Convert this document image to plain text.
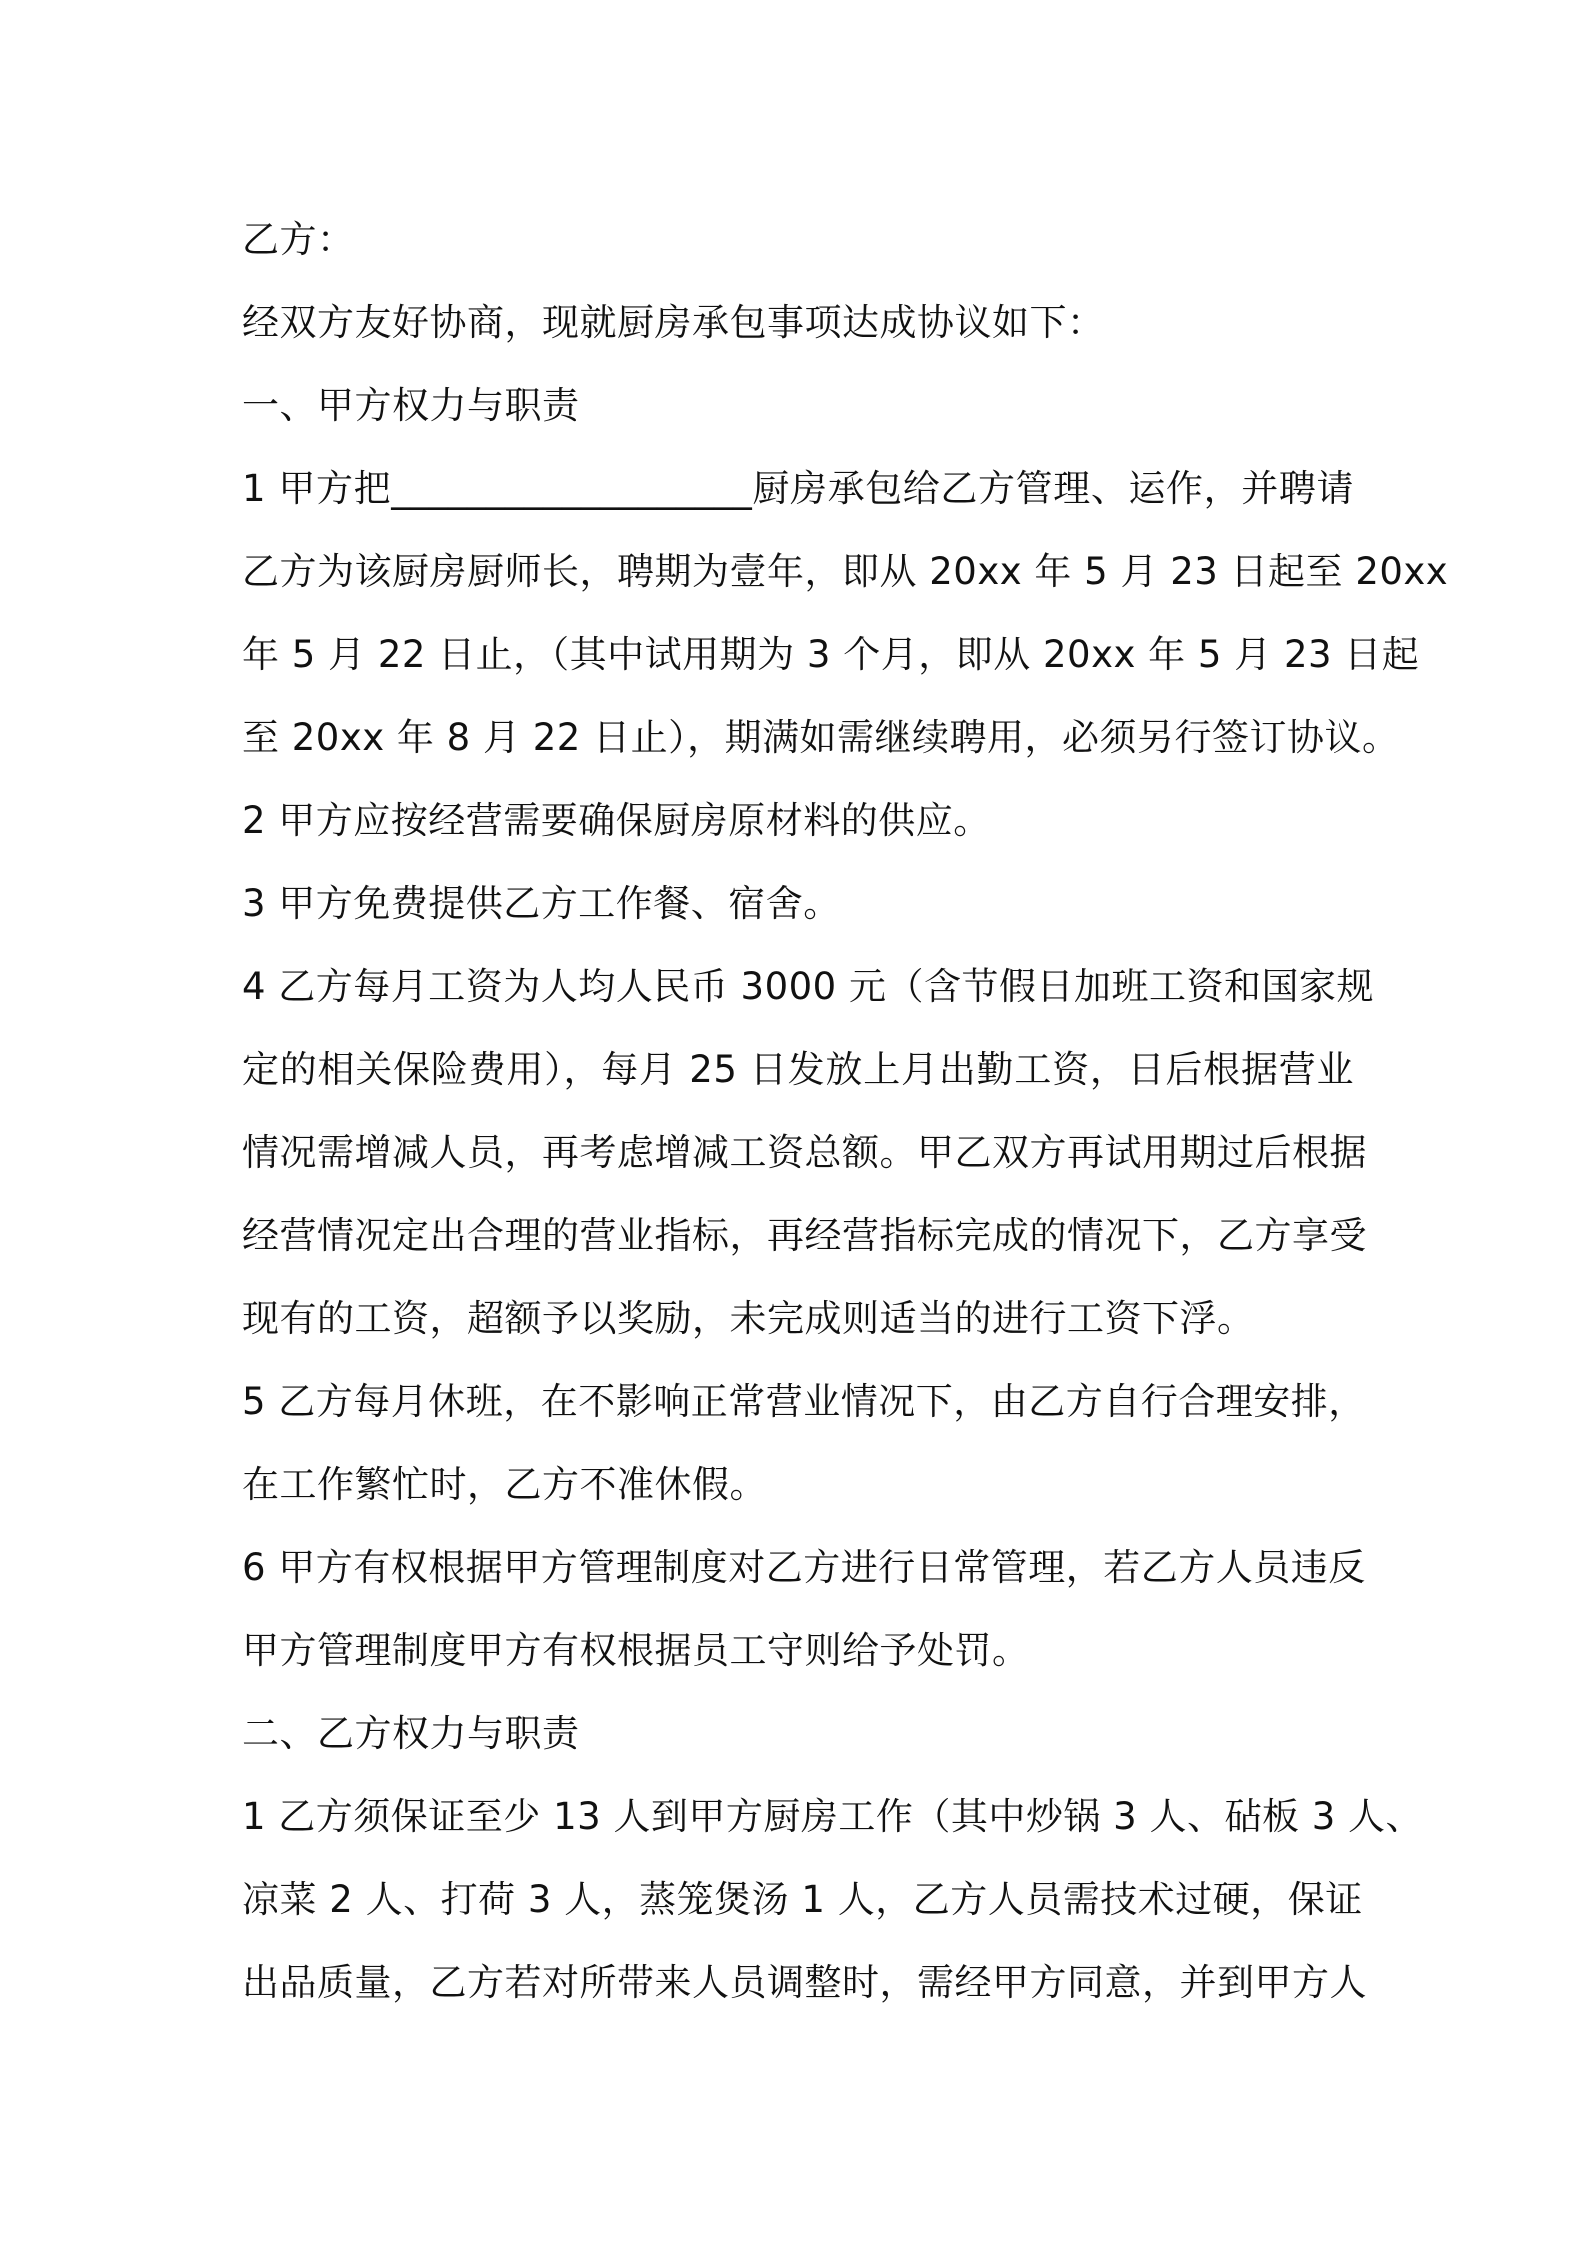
乙方：
经双方友好协商，现就厨房承包事项达成协议如下：
一、甲方权力与职责
1 甲方把___________________厨房承包给乙方管理、运作，并聘请
乙方为该厨房厨师长，聘期为壹年，即从 20xx 年 5 月 23 日起至 20xx
年 5 月 22 日止，（其中试用期为 3 个月，即从 20xx 年 5 月 23 日起
至 20xx 年 8 月 22 日止），期满如需继续聘用，必须另行签订协议。
2 甲方应按经营需要确保厨房原材料的供应。
3 甲方免费提供乙方工作餐、宿舍。
4 乙方每月工资为人均人民币 3000 元（含节假日加班工资和国家规
定的相关保险费用），每月 25 日发放上月出勤工资，日后根据营业
情况需增减人员，再考虑增减工资总额。甲乙双方再试用期过后根据
经营情况定出合理的营业指标，再经营指标完成的情况下，乙方享受
现有的工资，超额予以奖励，未完成则适当的进行工资下浮。
5 乙方每月休班，在不影响正常营业情况下，由乙方自行合理安排，
在工作繁忙时，乙方不准休假。
6 甲方有权根据甲方管理制度对乙方进行日常管理，若乙方人员违反
甲方管理制度甲方有权根据员工守则给予处罚。
二、乙方权力与职责
1 乙方须保证至少 13 人到甲方厨房工作（其中炒锅 3 人、砧板 3 人、
凉菜 2 人、打荷 3 人，蒸笼煲汤 1 人，乙方人员需技术过硬，保证
出品质量，乙方若对所带来人员调整时，需经甲方同意，并到甲方人
